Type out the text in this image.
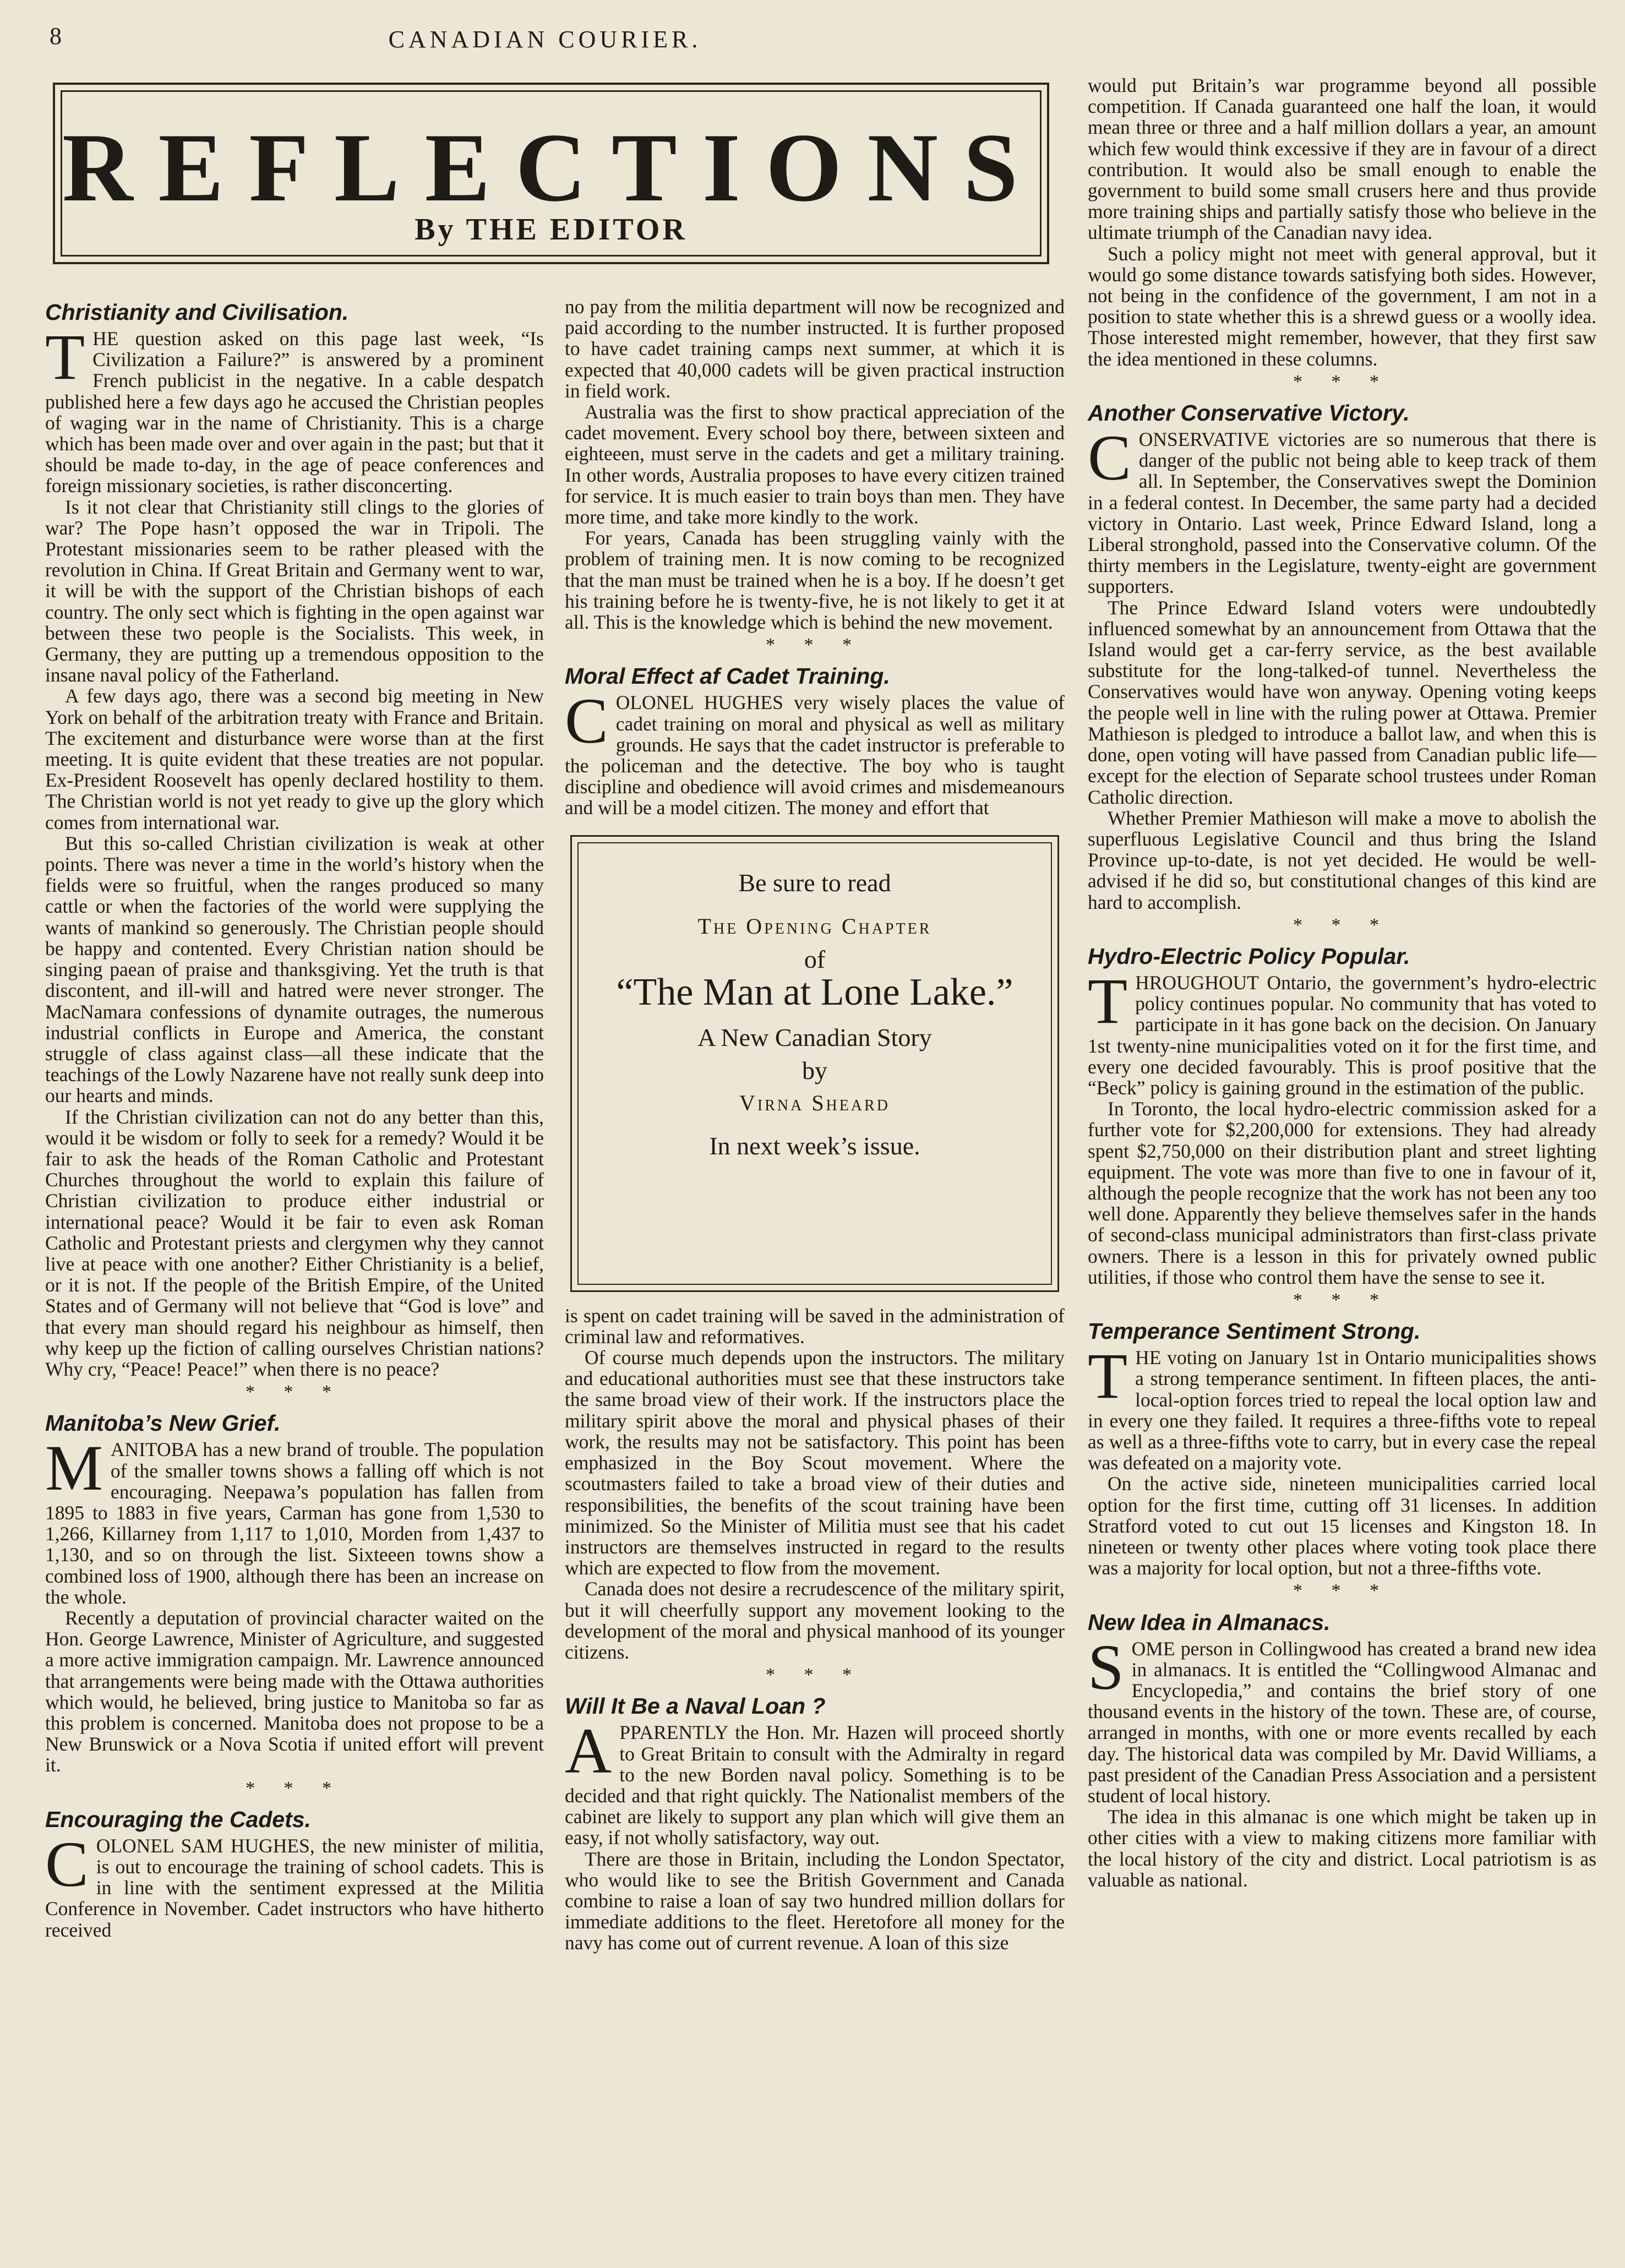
8	CANADIAN COURIER.
REFLECTIONS
By THE EDITOR
Christianity and Civilisation.

THE question asked on this page last week, “Is Civilization a Failure?” is answered by a prominent French publicist in the negative. In a cable despatch published here a few days ago he accused the Christian peoples of waging war in the name of Christianity. This is a charge which has been made over and over again in the past; but that it should be made to-day, in the age of peace conferences and foreign missionary societies, is rather disconcerting.

Is it not clear that Christianity still clings to the glories of war? The Pope hasn’t opposed the war in Tripoli. The Protestant missionaries seem to be rather pleased with the revolution in China. If Great Britain and Germany went to war, it will be with the support of the Christian bishops of each country. The only sect which is fighting in the open against war between these two people is the Socialists. This week, in Germany, they are putting up a tremendous opposition to the insane naval policy of the Fatherland.

A few days ago, there was a second big meeting in New York on behalf of the arbitration treaty with France and Britain. The excitement and disturbance were worse than at the first meeting. It is quite evident that these treaties are not popular. Ex-President Roosevelt has openly declared hostility to them. The Christian world is not yet ready to give up the glory which comes from international war.

But this so-called Christian civilization is weak at other points. There was never a time in the world’s history when the fields were so fruitful, when the ranges produced so many cattle or when the factories of the world were supplying the wants of mankind so generously. The Christian people should be happy and contented. Every Christian nation should be singing paean of praise and thanksgiving. Yet the truth is that discontent, and ill-will and hatred were never stronger. The MacNamara confessions of dynamite outrages, the numerous industrial conflicts in Europe and America, the constant struggle of class against class—all these indicate that the teachings of the Lowly Nazarene have not really sunk deep into our hearts and minds.

If the Christian civilization can not do any better than this, would it be wisdom or folly to seek for a remedy? Would it be fair to ask the heads of the Roman Catholic and Protestant Churches throughout the world to explain this failure of Christian civilization to produce either industrial or international peace? Would it be fair to even ask Roman Catholic and Protestant priests and clergymen why they cannot live at peace with one another? Either Christianity is a belief, or it is not. If the people of the British Empire, of the United States and of Germany will not believe that “God is love” and that every man should regard his neighbour as himself, then why keep up the fiction of calling ourselves Christian nations? Why cry, “Peace! Peace!” when there is no peace?

* * *
Manitoba’s New Grief.

MANITOBA has a new brand of trouble. The population of the smaller towns shows a falling off which is not encouraging. Neepawa’s population has fallen from 1895 to 1883 in five years, Carman has gone from 1,530 to 1,266, Killarney from 1,117 to 1,010, Morden from 1,437 to 1,130, and so on through the list. Sixteeen towns show a combined loss of 1900, although there has been an increase on the whole.

Recently a deputation of provincial character waited on the Hon. George Lawrence, Minister of Agriculture, and suggested a more active immigration campaign. Mr. Lawrence announced that arrangements were being made with the Ottawa authorities which would, he believed, bring justice to Manitoba so far as this problem is concerned. Manitoba does not propose to be a New Brunswick or a Nova Scotia if united effort will prevent it.

* * *
Encouraging the Cadets.

COLONEL SAM HUGHES, the new minister of militia, is out to encourage the training of school cadets. This is in line with the sentiment expressed at the Militia Conference in November. Cadet instructors who have hitherto received

no pay from the militia department will now be recognized and paid according to the number instructed. It is further proposed to have cadet training camps next summer, at which it is expected that 40,000 cadets will be given practical instruction in field work.

Australia was the first to show practical appreciation of the cadet movement. Every school boy there, between sixteen and eighteeen, must serve in the cadets and get a military training. In other words, Australia proposes to have every citizen trained for service. It is much easier to train boys than men. They have more time, and take more kindly to the work.

For years, Canada has been struggling vainly with the problem of training men. It is now coming to be recognized that the man must be trained when he is a boy. If he doesn’t get his training before he is twenty-five, he is not likely to get it at all. This is the knowledge which is behind the new movement.

* * *
Moral Effect af Cadet Training.

COLONEL HUGHES very wisely places the value of cadet training on moral and physical as well as military grounds. He says that the cadet instructor is preferable to the policeman and the detective. The boy who is taught discipline and obedience will avoid crimes and misdemeanours and will be a model citizen. The money and effort that

Be sure to read
The Opening Chapter
of
“The Man at Lone Lake.”
A New Canadian Story
by
Virna Sheard
In next week’s issue.

is spent on cadet training will be saved in the administration of criminal law and reformatives.

Of course much depends upon the instructors. The military and educational authorities must see that these instructors take the same broad view of their work. If the instructors place the military spirit above the moral and physical phases of their work, the results may not be satisfactory. This point has been emphasized in the Boy Scout movement. Where the scoutmasters failed to take a broad view of their duties and responsibilities, the benefits of the scout training have been minimized. So the Minister of Militia must see that his cadet instructors are themselves instructed in regard to the results which are expected to flow from the movement.

Canada does not desire a recrudescence of the military spirit, but it will cheerfully support any movement looking to the development of the moral and physical manhood of its younger citizens.

* * *
Will It Be a Naval Loan ?

APPARENTLY the Hon. Mr. Hazen will proceed shortly to Great Britain to consult with the Admiralty in regard to the new Borden naval policy. Something is to be decided and that right quickly. The Nationalist members of the cabinet are likely to support any plan which will give them an easy, if not wholly satisfactory, way out.

There are those in Britain, including the London Spectator, who would like to see the British Government and Canada combine to raise a loan of say two hundred million dollars for immediate additions to the fleet. Heretofore all money for the navy has come out of current revenue. A loan of this size

would put Britain’s war programme beyond all possible competition. If Canada guaranteed one half the loan, it would mean three or three and a half million dollars a year, an amount which few would think excessive if they are in favour of a direct contribution. It would also be small enough to enable the government to build some small crusers here and thus provide more training ships and partially satisfy those who believe in the ultimate triumph of the Canadian navy idea.

Such a policy might not meet with general approval, but it would go some distance towards satisfying both sides. However, not being in the confidence of the government, I am not in a position to state whether this is a shrewd guess or a woolly idea. Those interested might remember, however, that they first saw the idea mentioned in these columns.

* * *
Another Conservative Victory.

CONSERVATIVE victories are so numerous that there is danger of the public not being able to keep track of them all. In September, the Conservatives swept the Dominion in a federal contest. In December, the same party had a decided victory in Ontario. Last week, Prince Edward Island, long a Liberal stronghold, passed into the Conservative column. Of the thirty members in the Legislature, twenty-eight are government supporters.

The Prince Edward Island voters were undoubtedly influenced somewhat by an announcement from Ottawa that the Island would get a car-ferry service, as the best available substitute for the long-talked-of tunnel. Nevertheless the Conservatives would have won anyway. Opening voting keeps the people well in line with the ruling power at Ottawa. Premier Mathieson is pledged to introduce a ballot law, and when this is done, open voting will have passed from Canadian public life—except for the election of Separate school trustees under Roman Catholic direction.

Whether Premier Mathieson will make a move to abolish the superfluous Legislative Council and thus bring the Island Province up-to-date, is not yet decided. He would be well-advised if he did so, but constitutional changes of this kind are hard to accomplish.

* * *
Hydro-Electric Policy Popular.

THROUGHOUT Ontario, the government’s hydro-electric policy continues popular. No community that has voted to participate in it has gone back on the decision. On January 1st twenty-nine municipalities voted on it for the first time, and every one decided favourably. This is proof positive that the “Beck” policy is gaining ground in the estimation of the public.

In Toronto, the local hydro-electric commission asked for a further vote for $2,200,000 for extensions. They had already spent $2,750,000 on their distribution plant and street lighting equipment. The vote was more than five to one in favour of it, although the people recognize that the work has not been any too well done. Apparently they believe themselves safer in the hands of second-class municipal administrators than first-class private owners. There is a lesson in this for privately owned public utilities, if those who control them have the sense to see it.

* * *
Temperance Sentiment Strong.

THE voting on January 1st in Ontario municipalities shows a strong temperance sentiment. In fifteen places, the anti-local-option forces tried to repeal the local option law and in every one they failed. It requires a three-fifths vote to repeal as well as a three-fifths vote to carry, but in every case the repeal was defeated on a majority vote.

On the active side, nineteen municipalities carried local option for the first time, cutting off 31 licenses. In addition Stratford voted to cut out 15 licenses and Kingston 18. In nineteen or twenty other places where voting took place there was a majority for local option, but not a three-fifths vote.

* * *
New Idea in Almanacs.

SOME person in Collingwood has created a brand new idea in almanacs. It is entitled the “Collingwood Almanac and Encyclopedia,” and contains the brief story of one thousand events in the history of the town. These are, of course, arranged in months, with one or more events recalled by each day. The historical data was compiled by Mr. David Williams, a past president of the Canadian Press Association and a persistent student of local history.

The idea in this almanac is one which might be taken up in other cities with a view to making citizens more familiar with the local history of the city and district. Local patriotism is as valuable as national.
